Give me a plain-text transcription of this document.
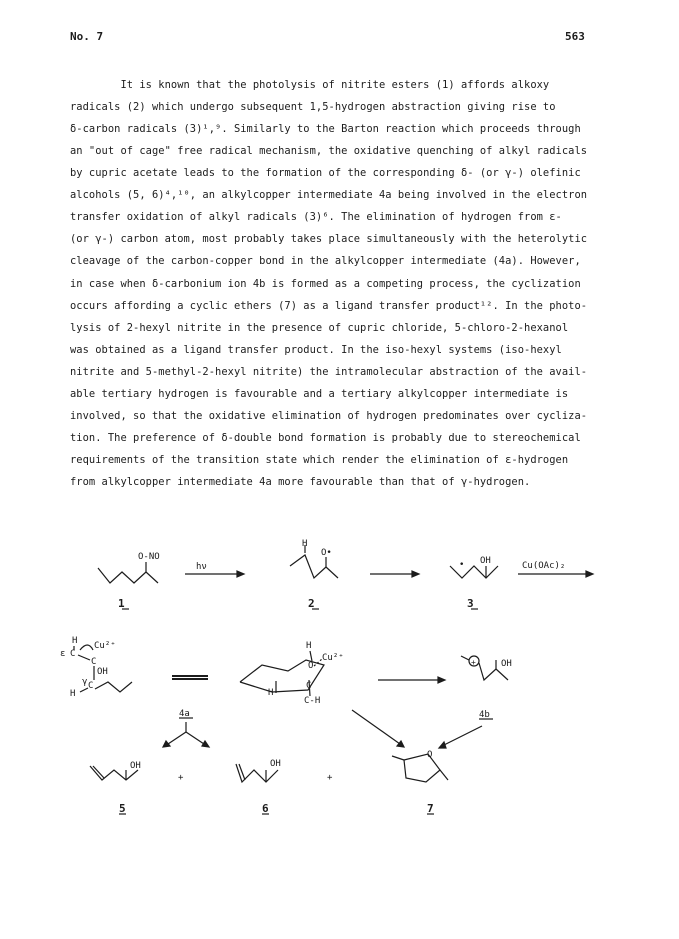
No. 7	563
It is known that the photolysis of nitrite esters (1) affords alkoxy
radicals (2) which undergo subsequent 1,5-hydrogen abstraction giving rise to
δ-carbon radicals (3)¹,⁹. Similarly to the Barton reaction which proceeds through
an "out of cage" free radical mechanism, the oxidative quenching of alkyl radicals
by cupric acetate leads to the formation of the corresponding δ- (or γ-) olefinic
alcohols (5, 6)⁴,¹⁰, an alkylcopper intermediate 4a being involved in the electron
transfer oxidation of alkyl radicals (3)⁶. The elimination of hydrogen from ε-
(or γ-) carbon atom, most probably takes place simultaneously with the heterolytic
cleavage of the carbon-copper bond in the alkylcopper intermediate (4a). However,
in case when δ-carbonium ion 4b is formed as a competing process, the cyclization
occurs affording a cyclic ethers (7) as a ligand transfer product¹². In the photo-
lysis of 2-hexyl nitrite in the presence of cupric chloride, 5-chloro-2-hexanol
was obtained as a ligand transfer product. In the iso-hexyl systems (iso-hexyl
nitrite and 5-methyl-2-hexyl nitrite) the intramolecular abstraction of the avail-
able tertiary hydrogen is favourable and a tertiary alkylcopper intermediate is
involved, so that the oxidative elimination of hydrogen predominates over cycliza-
tion. The preference of δ-double bond formation is probably due to stereochemical
requirements of the transition state which render the elimination of ε-hydrogen
from alkylcopper intermediate 4a more favourable than that of γ-hydrogen.
O-NO
1
hν
H
O•
2
• OH
3
Cu(OAc)₂
H
ε C
C
Cu²⁺
OH
γ C
H	H
H
O
Cu²⁺
C
C-H
+	OH
4b
4a
OH
5
+
OH
6
+
O
7
